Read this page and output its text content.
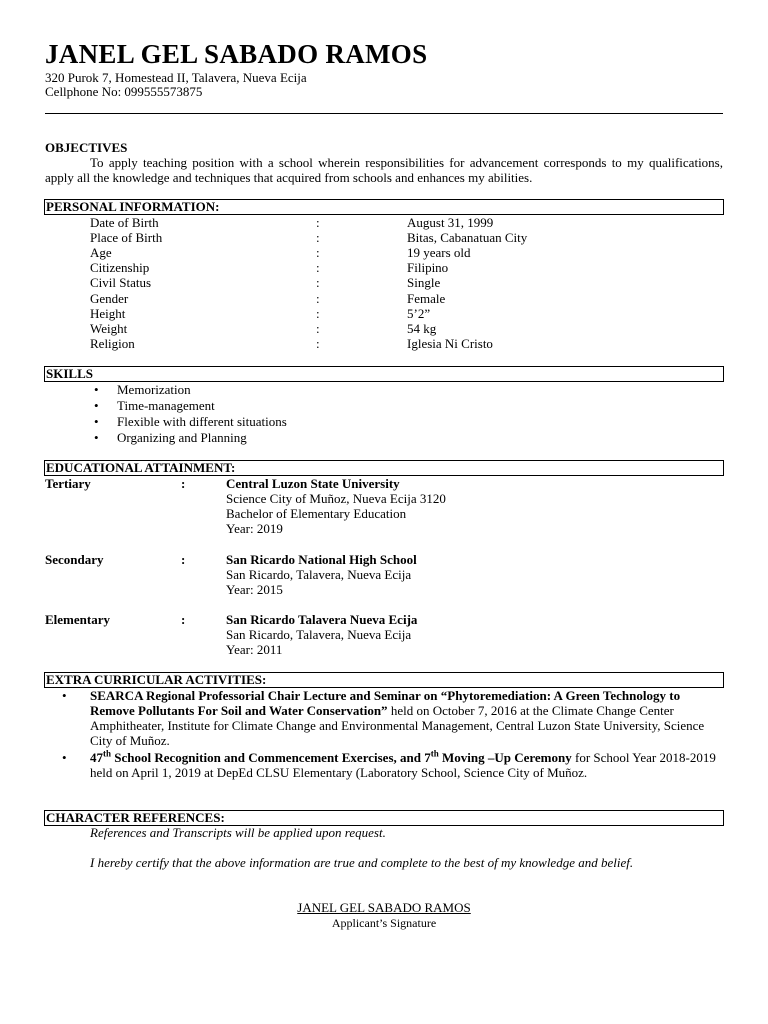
JANEL GEL SABADO RAMOS
320 Purok 7, Homestead II, Talavera, Nueva Ecija
Cellphone No: 099555573875
OBJECTIVES
To apply teaching position with a school wherein responsibilities for advancement corresponds to my qualifications, apply all the knowledge and techniques that acquired from schools and enhances my abilities.
PERSONAL INFORMATION:
Date of Birth	:	August 31, 1999
Place of Birth	:	Bitas, Cabanatuan City
Age	:	19 years old
Citizenship	:	Filipino
Civil Status	:	Single
Gender	:	Female
Height	:	5’2”
Weight	:	54 kg
Religion	:	Iglesia Ni Cristo
SKILLS
• Memorization
• Time-management
• Flexible with different situations
• Organizing and Planning
EDUCATIONAL ATTAINMENT:
Tertiary	:	Central Luzon State University
Science City of Muñoz, Nueva Ecija 3120
Bachelor of Elementary Education
Year: 2019
Secondary	:	San Ricardo National High School
San Ricardo, Talavera, Nueva Ecija
Year: 2015
Elementary	:	San Ricardo Talavera Nueva Ecija
San Ricardo, Talavera, Nueva Ecija
Year: 2011
EXTRA CURRICULAR ACTIVITIES:
• SEARCA Regional Professorial Chair Lecture and Seminar on “Phytoremediation: A Green Technology to Remove Pollutants For Soil and Water Conservation” held on October 7, 2016 at the Climate Change Center Amphitheater, Institute for Climate Change and Environmental Management, Central Luzon State University, Science City of Muñoz.
• 47th School Recognition and Commencement Exercises, and 7th Moving –Up Ceremony for School Year 2018-2019 held on April 1, 2019 at DepEd CLSU Elementary (Laboratory School, Science City of Muñoz.
CHARACTER REFERENCES:
References and Transcripts will be applied upon request.
I hereby certify that the above information are true and complete to the best of my knowledge and belief.
JANEL GEL SABADO RAMOS
Applicant’s Signature
